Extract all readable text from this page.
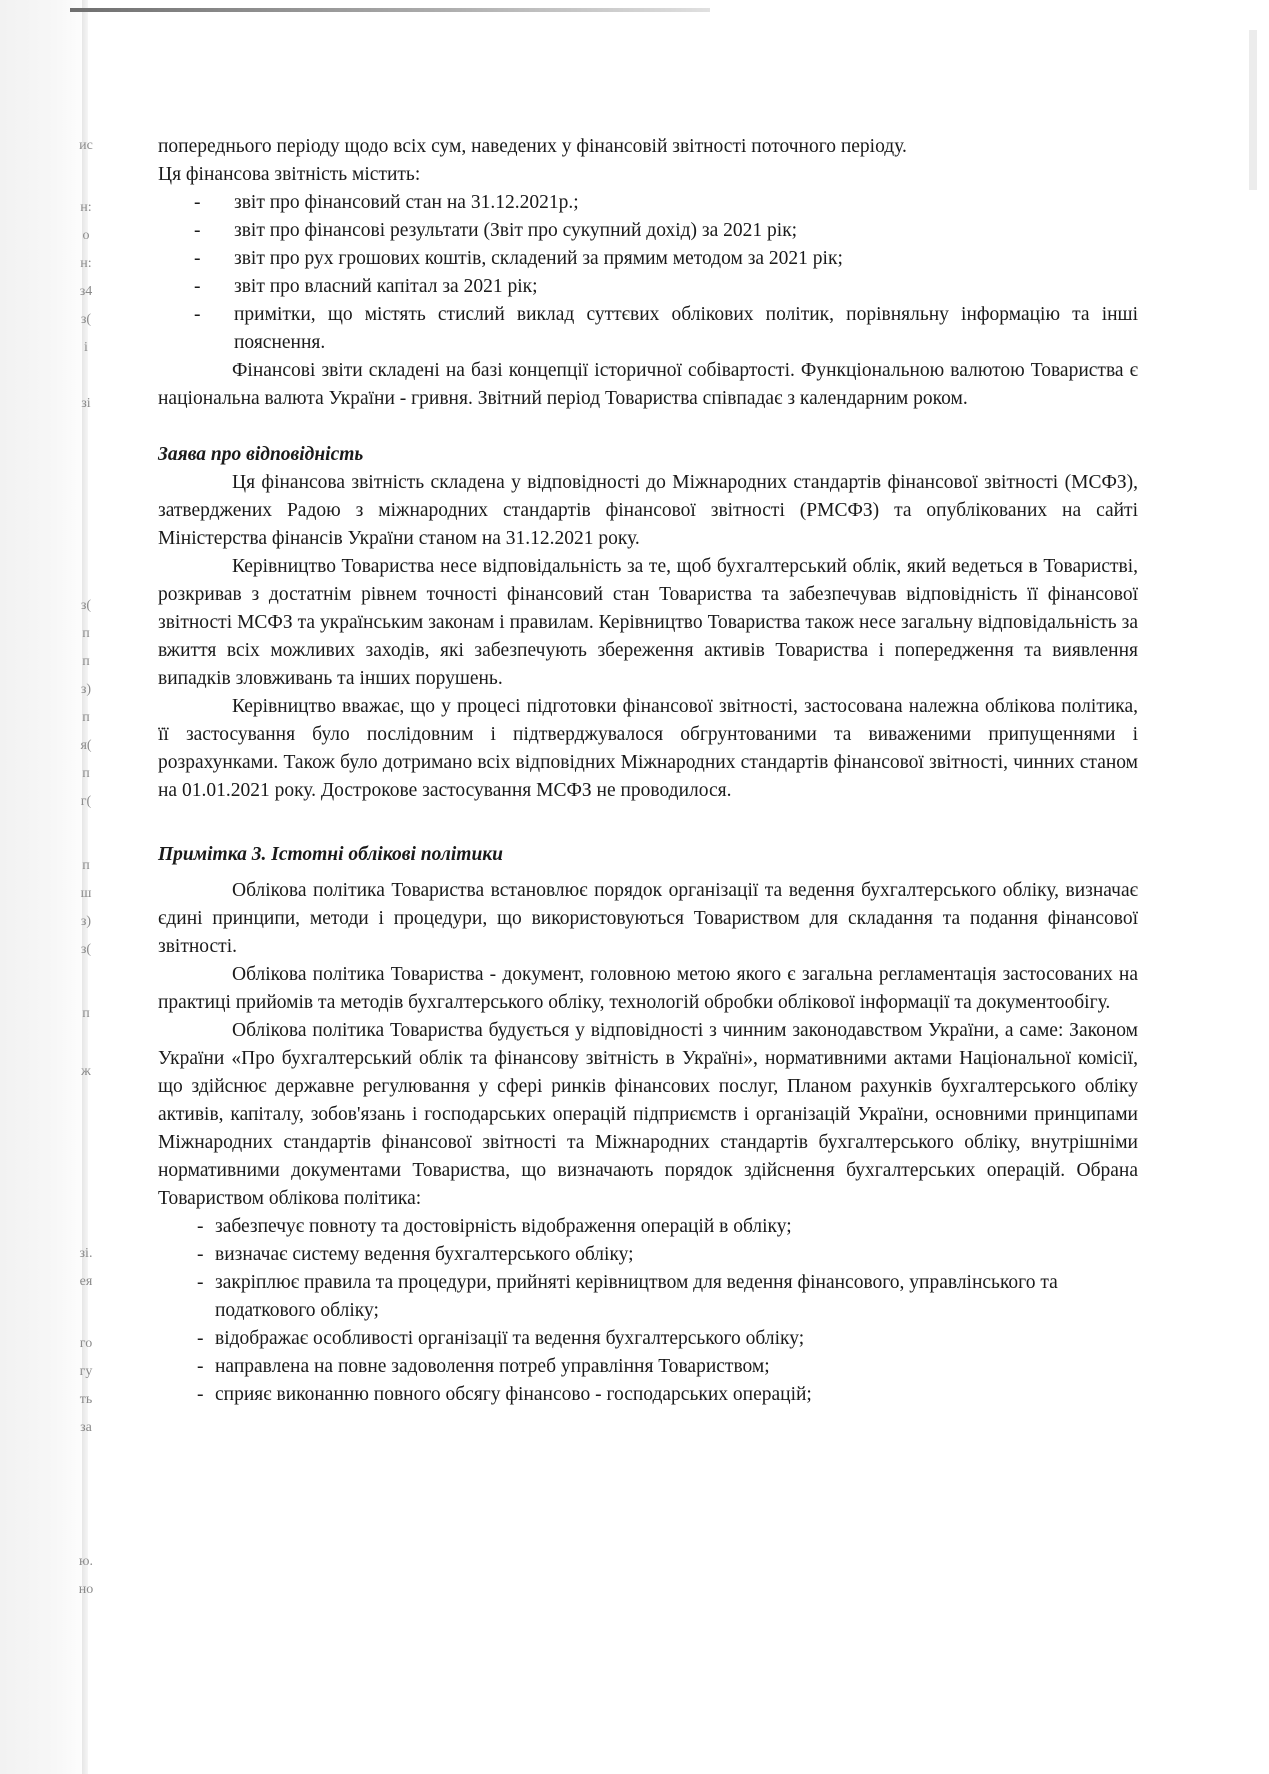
ис
н:
о
н:
з4
з(
і
зі
з(
п
п
з)
п
я(
п
г(
п
ш
з)
з(
п
ж
зі.
ея
го
гу
ть
за
ю.
но

попереднього періоду щодо всіх сум, наведених у фінансовій звітності поточного періоду.

Ця фінансова звітність містить:

- звіт про фінансовий стан на 31.12.2021р.;
- звіт про фінансові результати (Звіт про сукупний дохід) за 2021 рік;
- звіт про рух грошових коштів, складений за прямим методом за 2021 рік;
- звіт про власний капітал за 2021 рік;
- примітки, що містять стислий виклад суттєвих облікових політик, порівняльну інформацію та інші пояснення.

Фінансові звіти складені на базі концепції історичної собівартості. Функціональною валютою Товариства є національна валюта України - гривня. Звітний період Товариства співпадає з календарним роком.

Заява про відповідність

Ця фінансова звітність складена у відповідності до Міжнародних стандартів фінансової звітності (МСФЗ), затверджених Радою з міжнародних стандартів фінансової звітності (РМСФЗ) та опублікованих на сайті Міністерства фінансів України станом на 31.12.2021 року.

Керівництво Товариства несе відповідальність за те, щоб бухгалтерський облік, який ведеться в Товаристві, розкривав з достатнім рівнем точності фінансовий стан Товариства та забезпечував відповідність її фінансової звітності МСФЗ та українським законам і правилам. Керівництво Товариства також несе загальну відповідальність за вжиття всіх можливих заходів, які забезпечують збереження активів Товариства і попередження та виявлення випадків зловживань та інших порушень.

Керівництво вважає, що у процесі підготовки фінансової звітності, застосована належна облікова політика, її застосування було послідовним і підтверджувалося обгрунтованими та виваженими припущеннями і розрахунками. Також було дотримано всіх відповідних Міжнародних стандартів фінансової звітності, чинних станом на 01.01.2021 року. Дострокове застосування МСФЗ не проводилося.

Примітка 3. Істотні облікові політики

Облікова політика Товариства встановлює порядок організації та ведення бухгалтерського обліку, визначає єдині принципи, методи і процедури, що використовуються Товариством для складання та подання фінансової звітності.

Облікова політика Товариства - документ, головною метою якого є загальна регламентація застосованих на практиці прийомів та методів бухгалтерського обліку, технологій обробки облікової інформації та документообігу.

Облікова політика Товариства будується у відповідності з чинним законодавством України, а саме: Законом України «Про бухгалтерський облік та фінансову звітність в Україні», нормативними актами Національної комісії, що здійснює державне регулювання у сфері ринків фінансових послуг, Планом рахунків бухгалтерського обліку активів, капіталу, зобов'язань і господарських операцій підприємств і організацій України, основними принципами Міжнародних стандартів фінансової звітності та Міжнародних стандартів бухгалтерського обліку, внутрішніми нормативними документами Товариства, що визначають порядок здійснення бухгалтерських операцій. Обрана Товариством облікова політика:

- забезпечує повноту та достовірність відображення операцій в обліку;
- визначає систему ведення бухгалтерського обліку;
- закріплює правила та процедури, прийняті керівництвом для ведення фінансового, управлінського та податкового обліку;
- відображає особливості організації та ведення бухгалтерського обліку;
- направлена на повне задоволення потреб управління Товариством;
- сприяє виконанню повного обсягу фінансово - господарських операцій;
